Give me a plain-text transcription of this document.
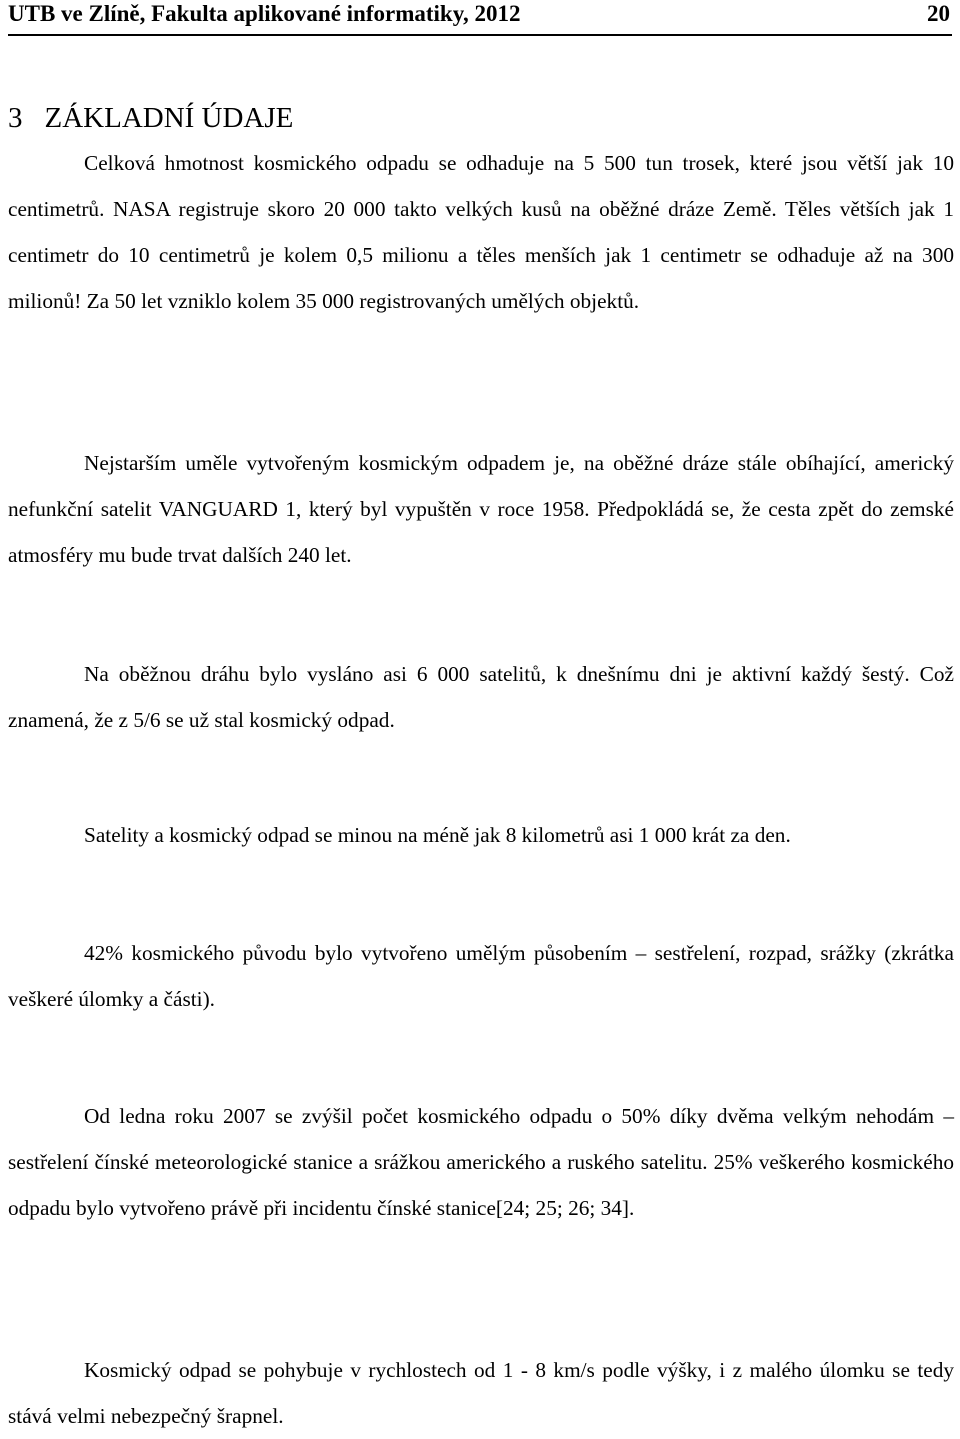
UTB ve Zlíně, Fakulta aplikované informatiky, 2012	20
3 ZÁKLADNÍ ÚDAJE

Celková hmotnost kosmického odpadu se odhaduje na 5 500 tun trosek, které jsou větší jak 10 centimetrů. NASA registruje skoro 20 000 takto velkých kusů na oběžné dráze Země. Těles větších jak 1 centimetr do 10 centimetrů je kolem 0,5 milionu a těles menších jak 1 centimetr se odhaduje až na 300 milionů! Za 50 let vzniklo kolem 35 000 registrovaných umělých objektů.

Nejstarším uměle vytvořeným kosmickým odpadem je, na oběžné dráze stále obíhající, americký nefunkční satelit VANGUARD 1, který byl vypuštěn v roce 1958. Předpokládá se, že cesta zpět do zemské atmosféry mu bude trvat dalších 240 let.

Na oběžnou dráhu bylo vysláno asi 6 000 satelitů, k dnešnímu dni je aktivní každý šestý. Což znamená, že z 5/6 se už stal kosmický odpad.

Satelity a kosmický odpad se minou na méně jak 8 kilometrů asi 1 000 krát za den.

42% kosmického původu bylo vytvořeno umělým působením – sestřelení, rozpad, srážky (zkrátka veškeré úlomky a části).

Od ledna roku 2007 se zvýšil počet kosmického odpadu o 50% díky dvěma velkým nehodám – sestřelení čínské meteorologické stanice a srážkou amerického a ruského satelitu. 25% veškerého kosmického odpadu bylo vytvořeno právě při incidentu čínské stanice[24; 25; 26; 34].

Kosmický odpad se pohybuje v rychlostech od 1 - 8 km/s podle výšky, i z malého úlomku se tedy stává velmi nebezpečný šrapnel.
